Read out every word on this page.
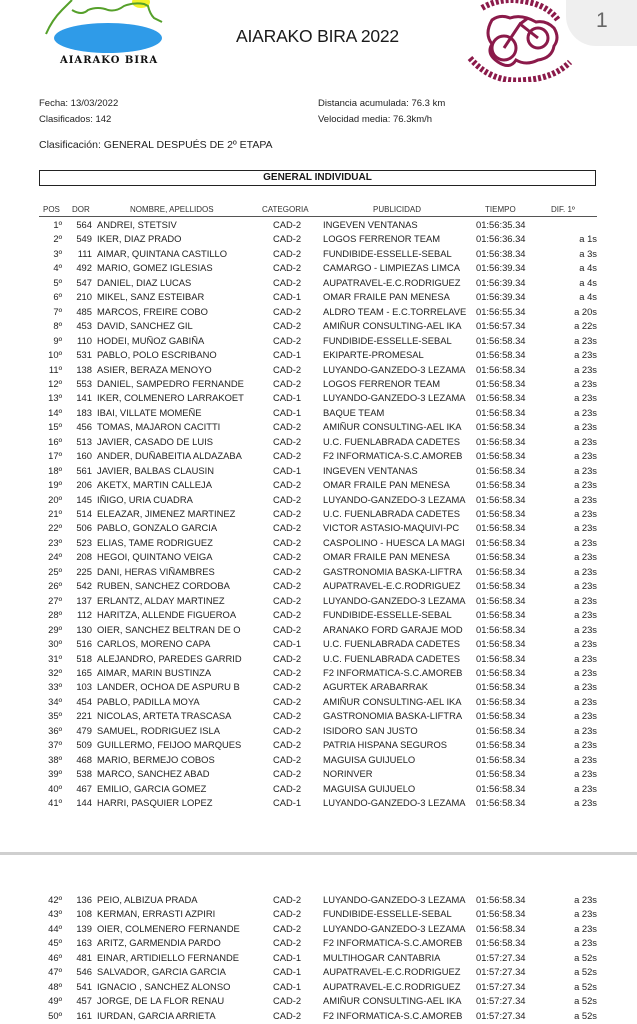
AIARAKO BIRA
AIARAKO BIRA 2022
1
Fecha: 13/03/2022
Clasificados: 142
Distancia acumulada: 76.3 km
Velocidad media: 76.3km/h
Clasificación: GENERAL DESPUÉS DE 2º ETAPA
GENERAL INDIVIDUAL
POS DOR	NOMBRE, APELLIDOS	CATEGORIA	PUBLICIDAD	TIEMPO	DIF. 1º
1º	564 ANDREI, STETSIV	CAD-2 INGEVEN VENTANAS	01:56:35.34
2º	549 IKER, DIAZ PRADO	CAD-2 LOGOS FERRENOR TEAM	01:56:36.34	a 1s
3º	111 AIMAR, QUINTANA CASTILLO	CAD-2 FUNDIBIDE-ESSELLE-SEBAL	01:56:38.34	a 3s
4º	492 MARIO, GOMEZ IGLESIAS	CAD-2 CAMARGO - LIMPIEZAS LIMCA 01:56:39.34	a 4s
5º	547 DANIEL, DIAZ LUCAS	CAD-2 AUPATRAVEL-E.C.RODRIGUEZ 01:56:39.34	a 4s
6º	210 MIKEL, SANZ ESTEIBAR	CAD-1 OMAR FRAILE PAN MENESA	01:56:39.34	a 4s
7º	485 MARCOS, FREIRE COBO	CAD-2 ALDRO TEAM - E.C.TORRELAVE 01:56:55.34	a 20s
8º	453 DAVID, SANCHEZ GIL	CAD-2 AMIÑUR CONSULTING-AEL IKA 01:56:57.34	a 22s
9º	110 HODEI, MUÑOZ GABIÑA	CAD-2 FUNDIBIDE-ESSELLE-SEBAL	01:56:58.34	a 23s
10º	531 PABLO, POLO ESCRIBANO	CAD-1 EKIPARTE-PROMESAL	01:56:58.34	a 23s
11º	138 ASIER, BERAZA MENOYO	CAD-2 LUYANDO-GANZEDO-3 LEZAMA 01:56:58.34	a 23s
12º	553 DANIEL, SAMPEDRO FERNANDE	CAD-2 LOGOS FERRENOR TEAM	01:56:58.34	a 23s
13º	141 IKER, COLMENERO LARRAKOET	CAD-1 LUYANDO-GANZEDO-3 LEZAMA 01:56:58.34	a 23s
14º	183 IBAI, VILLATE MOMEÑE	CAD-1 BAQUE TEAM	01:56:58.34	a 23s
15º	456 TOMAS, MAJARON CACITTI	CAD-2 AMIÑUR CONSULTING-AEL IKA 01:56:58.34	a 23s
16º	513 JAVIER, CASADO DE LUIS	CAD-2 U.C. FUENLABRADA CADETES 01:56:58.34	a 23s
17º	160 ANDER, DUÑABEITIA ALDAZABA	CAD-2 F2 INFORMATICA-S.C.AMOREB 01:56:58.34	a 23s
18º	561 JAVIER, BALBAS CLAUSIN	CAD-1 INGEVEN VENTANAS	01:56:58.34	a 23s
19º	206 AKETX, MARTIN CALLEJA	CAD-2 OMAR FRAILE PAN MENESA	01:56:58.34	a 23s
20º	145 IÑIGO, URIA CUADRA	CAD-2 LUYANDO-GANZEDO-3 LEZAMA 01:56:58.34	a 23s
21º	514 ELEAZAR, JIMENEZ MARTINEZ	CAD-2 U.C. FUENLABRADA CADETES 01:56:58.34	a 23s
22º	506 PABLO, GONZALO GARCIA	CAD-2 VICTOR ASTASIO-MAQUIVI-PC 01:56:58.34	a 23s
23º	523 ELIAS, TAME RODRIGUEZ	CAD-2 CASPOLINO - HUESCA LA MAGI 01:56:58.34	a 23s
24º	208 HEGOI, QUINTANO VEIGA	CAD-2 OMAR FRAILE PAN MENESA	01:56:58.34	a 23s
25º	225 DANI, HERAS VIÑAMBRES	CAD-2 GASTRONOMIA BASKA-LIFTRA 01:56:58.34	a 23s
26º	542 RUBEN, SANCHEZ CORDOBA	CAD-2 AUPATRAVEL-E.C.RODRIGUEZ 01:56:58.34	a 23s
27º	137 ERLANTZ, ALDAY MARTINEZ	CAD-2 LUYANDO-GANZEDO-3 LEZAMA 01:56:58.34	a 23s
28º	112 HARITZA, ALLENDE FIGUEROA	CAD-2 FUNDIBIDE-ESSELLE-SEBAL	01:56:58.34	a 23s
29º	130 OIER, SANCHEZ BELTRAN DE O	CAD-2 ARANAKO FORD GARAJE MOD 01:56:58.34	a 23s
30º	516 CARLOS, MORENO CAPA	CAD-1 U.C. FUENLABRADA CADETES 01:56:58.34	a 23s
31º	518 ALEJANDRO, PAREDES GARRID	CAD-2 U.C. FUENLABRADA CADETES 01:56:58.34	a 23s
32º	165 AIMAR, MARIN BUSTINZA	CAD-2 F2 INFORMATICA-S.C.AMOREB 01:56:58.34	a 23s
33º	103 LANDER, OCHOA DE ASPURU B	CAD-2 AGURTEK ARABARRAK	01:56:58.34	a 23s
34º	454 PABLO, PADILLA MOYA	CAD-2 AMIÑUR CONSULTING-AEL IKA 01:56:58.34	a 23s
35º	221 NICOLAS, ARTETA TRASCASA	CAD-2 GASTRONOMIA BASKA-LIFTRA 01:56:58.34	a 23s
36º	479 SAMUEL, RODRIGUEZ ISLA	CAD-2 ISIDORO SAN JUSTO	01:56:58.34	a 23s
37º	509 GUILLERMO, FEIJOO MARQUES	CAD-2 PATRIA HISPANA SEGUROS	01:56:58.34	a 23s
38º	468 MARIO, BERMEJO COBOS	CAD-2 MAGUISA GUIJUELO	01:56:58.34	a 23s
39º	538 MARCO, SANCHEZ ABAD	CAD-2 NORINVER	01:56:58.34	a 23s
40º	467 EMILIO, GARCIA GOMEZ	CAD-2 MAGUISA GUIJUELO	01:56:58.34	a 23s
41º	144 HARRI, PASQUIER LOPEZ	CAD-1 LUYANDO-GANZEDO-3 LEZAMA 01:56:58.34	a 23s
42º	136 PEIO, ALBIZUA PRADA	CAD-2 LUYANDO-GANZEDO-3 LEZAMA 01:56:58.34	a 23s
43º	108 KERMAN, ERRASTI AZPIRI	CAD-2 FUNDIBIDE-ESSELLE-SEBAL	01:56:58.34	a 23s
44º	139 OIER, COLMENERO FERNANDE	CAD-2 LUYANDO-GANZEDO-3 LEZAMA 01:56:58.34	a 23s
45º	163 ARITZ, GARMENDIA PARDO	CAD-2 F2 INFORMATICA-S.C.AMOREB 01:56:58.34	a 23s
46º	481 EINAR, ARTIDIELLO FERNANDE	CAD-1 MULTIHOGAR CANTABRIA	01:57:27.34	a 52s
47º	546 SALVADOR, GARCIA GARCIA	CAD-1 AUPATRAVEL-E.C.RODRIGUEZ 01:57:27.34	a 52s
48º	541 IGNACIO , SANCHEZ ALONSO	CAD-1 AUPATRAVEL-E.C.RODRIGUEZ 01:57:27.34	a 52s
49º	457 JORGE, DE LA FLOR RENAU	CAD-2 AMIÑUR CONSULTING-AEL IKA 01:57:27.34	a 52s
50º	161 IURDAN, GARCIA ARRIETA	CAD-2 F2 INFORMATICA-S.C.AMOREB 01:57:27.34	a 52s
